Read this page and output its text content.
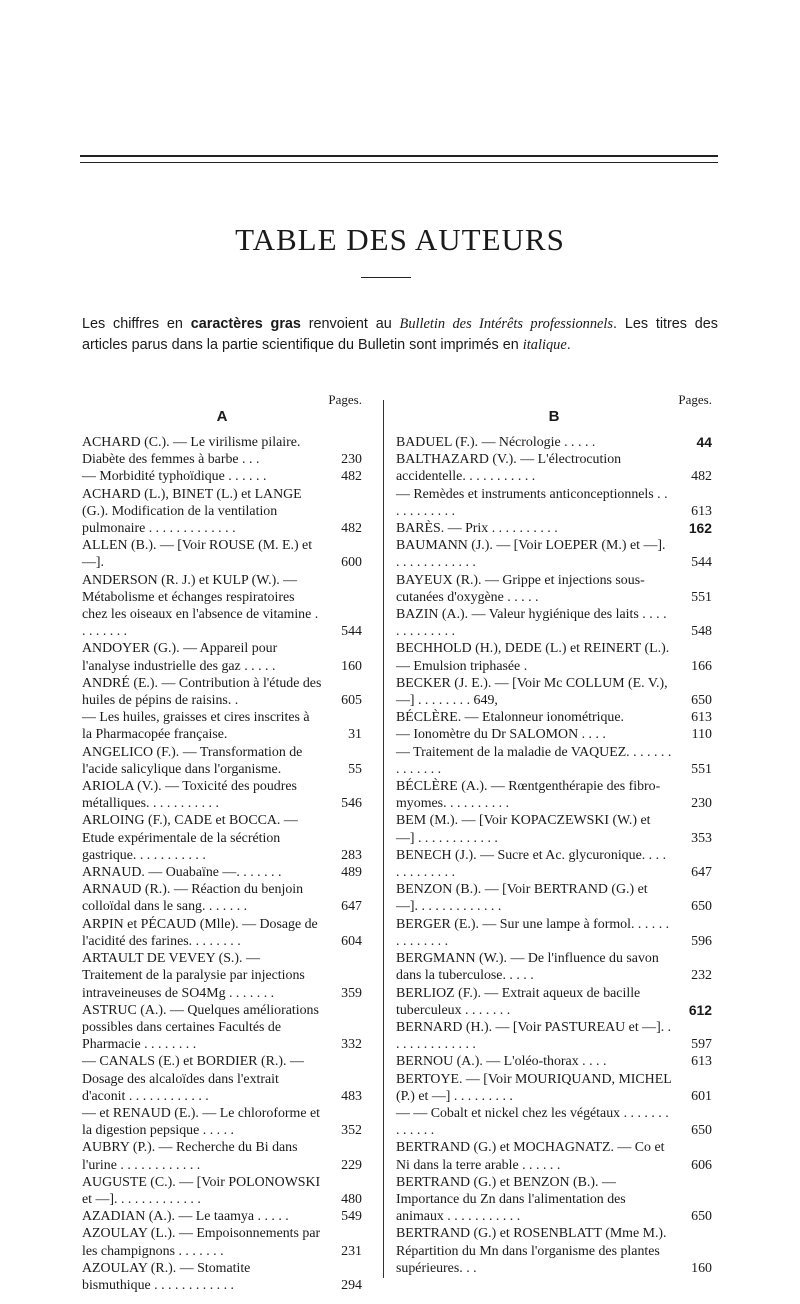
TABLE DES AUTEURS
Les chiffres en caractères gras renvoient au Bulletin des Intérêts professionnels. Les titres des articles parus dans la partie scientifique du Bulletin sont imprimés en italique.
Pages.
A
ACHARD (C.). — Le virilisme pilaire. Diabète des femmes à barbe . . .	230
— Morbidité typhoïdique . . . . . .	482
ACHARD (L.), BINET (L.) et LANGE (G.). Modification de la ventilation pulmonaire . . . . . . . . . . . . .	482
ALLEN (B.). — [Voir ROUSE (M. E.) et —].	600
ANDERSON (R. J.) et KULP (W.). — Métabolisme et échanges respiratoires chez les oiseaux en l'absence de vitamine . . . . . . . .	544
ANDOYER (G.). — Appareil pour l'analyse industrielle des gaz . . . . .	160
ANDRÉ (E.). — Contribution à l'étude des huiles de pépins de raisins. .	605
— Les huiles, graisses et cires inscrites à la Pharmacopée française.	31
ANGELICO (F.). — Transformation de l'acide salicylique dans l'organisme.	55
ARIOLA (V.). — Toxicité des poudres métalliques. . . . . . . . . . .	546
ARLOING (F.), CADE et BOCCA. — Etude expérimentale de la sécrétion gastrique. . . . . . . . . . .	283
ARNAUD. — Ouabaïne —. . . . . . .	489
ARNAUD (R.). — Réaction du benjoin colloïdal dans le sang. . . . . . .	647
ARPIN et PÉCAUD (Mlle). — Dosage de l'acidité des farines. . . . . . . .	604
ARTAULT DE VEVEY (S.). — Traitement de la paralysie par injections intraveineuses de SO4Mg . . . . . . .	359
ASTRUC (A.). — Quelques améliorations possibles dans certaines Facultés de Pharmacie . . . . . . . .	332
— CANALS (E.) et BORDIER (R.). — Dosage des alcaloïdes dans l'extrait d'aconit . . . . . . . . . . . .	483
— et RENAUD (E.). — Le chloroforme et la digestion pepsique . . . . .	352
AUBRY (P.). — Recherche du Bi dans l'urine . . . . . . . . . . . .	229
AUGUSTE (C.). — [Voir POLONOWSKI et —]. . . . . . . . . . . . .	480
AZADIAN (A.). — Le taamya . . . . .	549
AZOULAY (L.). — Empoisonnements par les champignons . . . . . . .	231
AZOULAY (R.). — Stomatite bismuthique . . . . . . . . . . . .	294
Pages.
B
BADUEL (F.). — Nécrologie . . . . .	44
BALTHAZARD (V.). — L'électrocution accidentelle. . . . . . . . . . .	482
— Remèdes et instruments anticonceptionnels . . . . . . . . . . .	613
BARÈS. — Prix . . . . . . . . . .	162
BAUMANN (J.). — [Voir LOEPER (M.) et —]. . . . . . . . . . . . .	544
BAYEUX (R.). — Grippe et injections sous-cutanées d'oxygène . . . . .	551
BAZIN (A.). — Valeur hygiénique des laits . . . . . . . . . . . . .	548
BECHHOLD (H.), DEDE (L.) et REINERT (L.). — Emulsion triphasée .	166
BECKER (J. E.). — [Voir Mc COLLUM (E. V.), —] . . . . . . . . 649,	650
BÉCLÈRE. — Etalonneur ionométrique.	613
— Ionomètre du Dr SALOMON . . . .	110
— Traitement de la maladie de VAQUEZ. . . . . . . . . . . . . .	551
BÉCLÈRE (A.). — Rœntgenthérapie des fibro-myomes. . . . . . . . . .	230
BEM (M.). — [Voir KOPACZEWSKI (W.) et —] . . . . . . . . . . . .	353
BENECH (J.). — Sucre et Ac. glycuronique. . . . . . . . . . . . .	647
BENZON (B.). — [Voir BERTRAND (G.) et —]. . . . . . . . . . . . .	650
BERGER (E.). — Sur une lampe à formol. . . . . . . . . . . . . .	596
BERGMANN (W.). — De l'influence du savon dans la tuberculose. . . . .	232
BERLIOZ (F.). — Extrait aqueux de bacille tuberculeux . . . . . . .	612
BERNARD (H.). — [Voir PASTUREAU et —]. . . . . . . . . . . . . .	597
BERNOU (A.). — L'oléo-thorax . . . .	613
BERTOYE. — [Voir MOURIQUAND, MICHEL (P.) et —] . . . . . . . . .	601
— — Cobalt et nickel chez les végétaux . . . . . . . . . . . . .	650
BERTRAND (G.) et MOCHAGNATZ. — Co et Ni dans la terre arable . . . . . .	606
BERTRAND (G.) et BENZON (B.). — Importance du Zn dans l'alimentation des animaux . . . . . . . . . . .	650
BERTRAND (G.) et ROSENBLATT (Mme M.). Répartition du Mn dans l'organisme des plantes supérieures. . .	160
